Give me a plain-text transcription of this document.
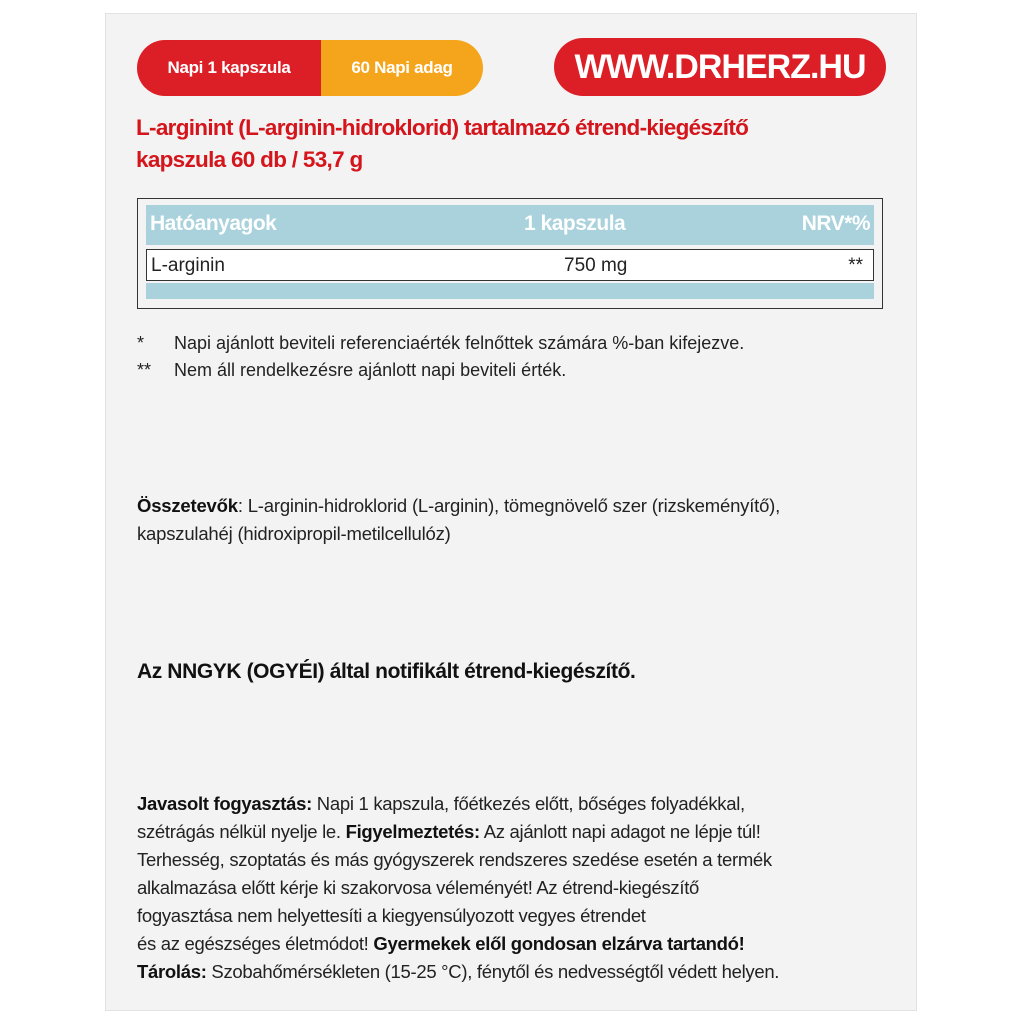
Napi 1 kapszula	60 Napi adag	WWW.DRHERZ.HU
L-arginint (L-arginin-hidroklorid) tartalmazó étrend-kiegészítő
kapszula 60 db / 53,7 g
Hatóanyagok	1 kapszula	NRV*%
L-arginin	750 mg	**
* Napi ajánlott beviteli referenciaérték felnőttek számára %-ban kifejezve.
** Nem áll rendelkezésre ajánlott napi beviteli érték.
Összetevők: L-arginin-hidroklorid (L-arginin), tömegnövelő szer (rizskeményítő),
kapszulahéj (hidroxipropil-metilcellulóz)
Az NNGYK (OGYÉI) által notifikált étrend-kiegészítő.
Javasolt fogyasztás: Napi 1 kapszula, főétkezés előtt, bőséges folyadékkal,
szétrágás nélkül nyelje le. Figyelmeztetés: Az ajánlott napi adagot ne lépje túl!
Terhesség, szoptatás és más gyógyszerek rendszeres szedése esetén a termék
alkalmazása előtt kérje ki szakorvosa véleményét! Az étrend-kiegészítő
fogyasztása nem helyettesíti a kiegyensúlyozott vegyes étrendet
és az egészséges életmódot! Gyermekek elől gondosan elzárva tartandó!
Tárolás: Szobahőmérsékleten (15-25 °C), fénytől és nedvességtől védett helyen.
